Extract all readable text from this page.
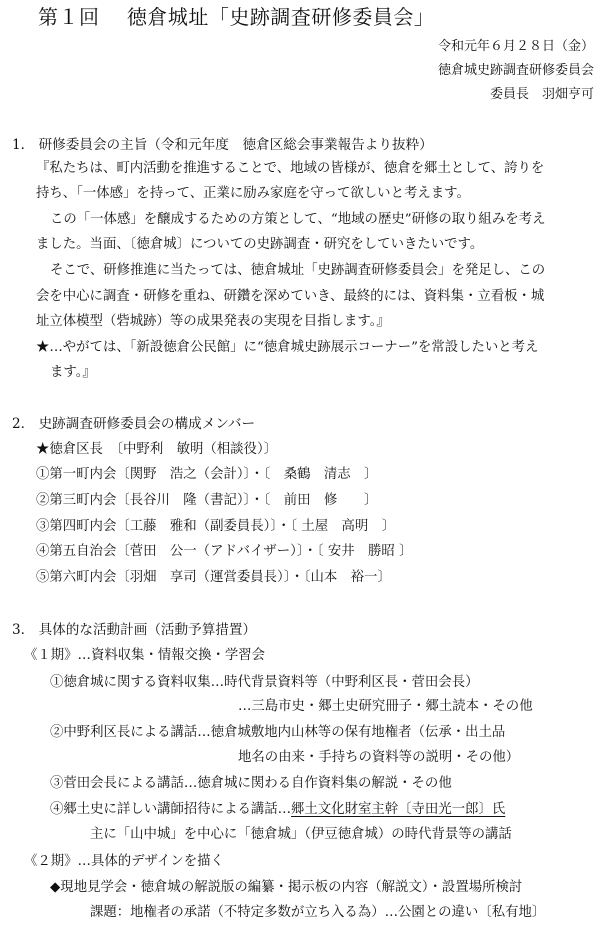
第１回　 徳倉城址「史跡調査研修委員会」
令和元年６月２８日（金）
徳倉城史跡調査研修委員会
委員長　羽畑亨可
1． 研修委員会の主旨（令和元年度　徳倉区総会事業報告より抜粋）
『私たちは、町内活動を推進することで、地域の皆様が、徳倉を郷土として、誇りを
持ち、「一体感」を持って、正業に励み家庭を守って欲しいと考えます。
この「一体感」を醸成するための方策として、“地域の歴史”研修の取り組みを考え
ました。当面、〔徳倉城〕についての史跡調査・研究をしていきたいです。
そこで、研修推進に当たっては、徳倉城址「史跡調査研修委員会」を発足し、この
会を中心に調査・研修を重ね、研鑽を深めていき、最終的には、資料集・立看板・城
址立体模型（砦城跡）等の成果発表の実現を目指します。』
★…やがては、「新設徳倉公民館」に“徳倉城史跡展示コーナー”を常設したいと考え
ます。』
2． 史跡調査研修委員会の構成メンバー
★徳倉区長　〔中野利　敏明（相談役）〕
①第一町内会〔関野　浩之（会計）〕・〔　桑鶴　清志　〕
②第三町内会〔長谷川　隆（書記）〕・〔　前田　修　　〕
③第四町内会〔工藤　雅和（副委員長）〕・〔 土屋　高明　〕
④第五自治会〔菅田　公一（アドバイザー）〕・〔 安井　勝昭 〕
⑤第六町内会〔羽畑　享司（運営委員長）〕・〔山本　裕一〕
3． 具体的な活動計画（活動予算措置）
《１期》…資料収集・情報交換・学習会
①徳倉城に関する資料収集…時代背景資料等（中野利区長・菅田会長）
…三島市史・郷土史研究冊子・郷土読本・その他
②中野利区長による講話…徳倉城敷地内山林等の保有地権者（伝承・出土品
地名の由来・手持ちの資料等の説明・その他）
③菅田会長による講話…徳倉城に関わる自作資料集の解説・その他
④郷土史に詳しい講師招待による講話…郷土文化財室主幹〔寺田光一郎〕氏
主に「山中城」を中心に「徳倉城」（伊豆徳倉城）の時代背景等の講話
《２期》…具体的デザインを描く
◆現地見学会・徳倉城の解説版の編纂・掲示板の内容（解説文）・設置場所検討
課題：地権者の承諾（不特定多数が立ち入る為）…公園との違い〔私有地〕
